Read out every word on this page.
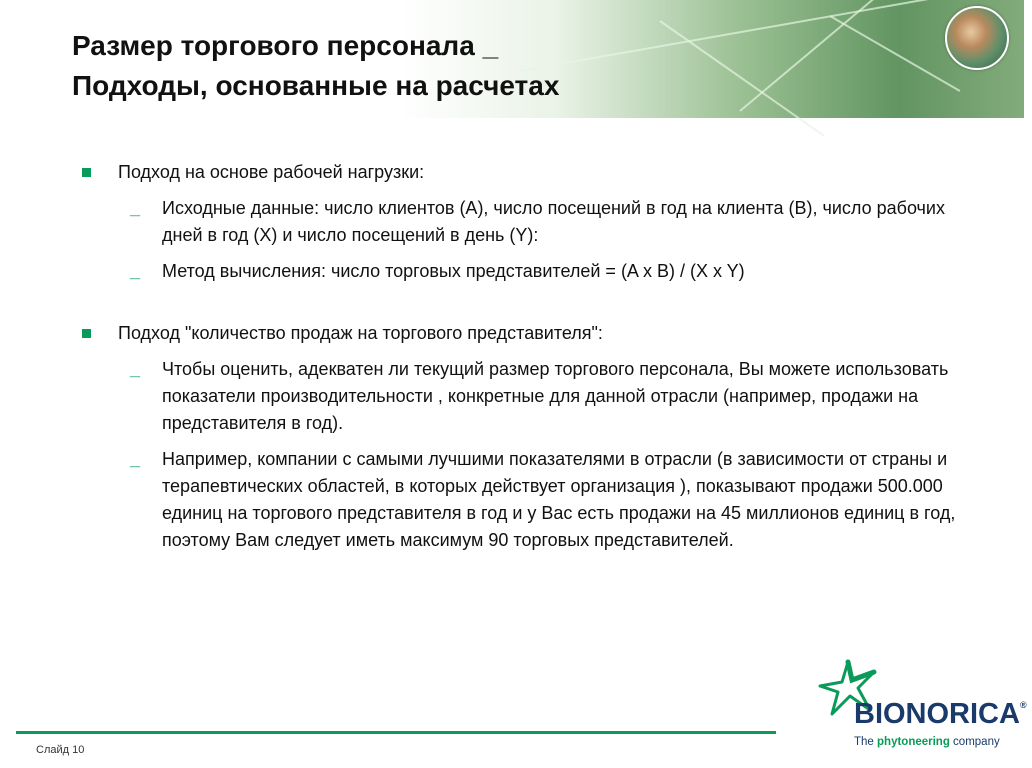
Размер торгового персонала _
Подходы, основанные на расчетах
Подход на основе рабочей нагрузки:
_ Исходные данные: число клиентов (A), число посещений в год на клиента (B), число рабочих дней в год (X) и число посещений в день (Y):
_ Метод вычисления: число торговых представителей = (A x B) / (X x Y)
Подход "количество продаж на торгового представителя":
_ Чтобы оценить, адекватен ли текущий размер торгового персонала, Вы можете использовать показатели производительности , конкретные для данной отрасли (например, продажи на представителя в год).
_ Например, компании с самыми лучшими показателями в отрасли (в зависимости от страны и терапевтических областей, в которых действует организация ), показывают продажи 500.000 единиц на торгового представителя в год и у Вас есть продажи на 45 миллионов единиц в год, поэтому Вам следует иметь максимум 90 торговых представителей.
Слайд 10
BIONORICA®
The phytoneering company
